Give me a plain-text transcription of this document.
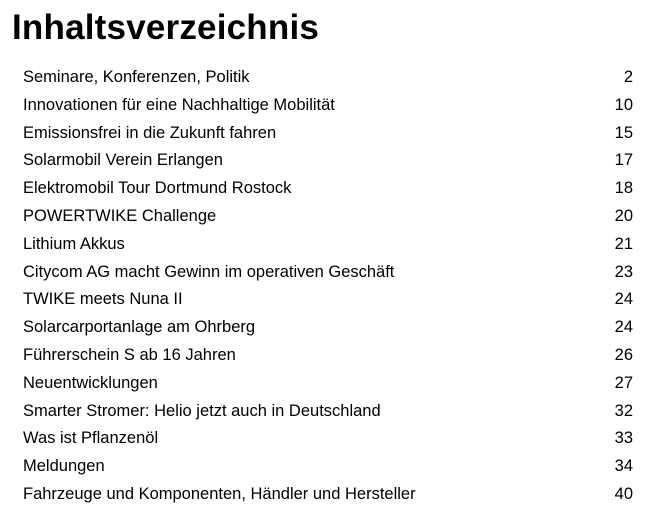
Inhaltsverzeichnis
Seminare, Konferenzen, Politik	2
Innovationen für eine Nachhaltige Mobilität	10
Emissionsfrei in die Zukunft fahren	15
Solarmobil Verein Erlangen	17
Elektromobil Tour Dortmund Rostock	18
POWERTWIKE Challenge	20
Lithium Akkus	21
Citycom AG macht Gewinn im operativen Geschäft	23
TWIKE meets Nuna II	24
Solarcarportanlage am Ohrberg	24
Führerschein S ab 16 Jahren	26
Neuentwicklungen	27
Smarter Stromer: Helio jetzt auch in Deutschland	32
Was ist Pflanzenöl	33
Meldungen	34
Fahrzeuge und Komponenten, Händler und Hersteller	40
